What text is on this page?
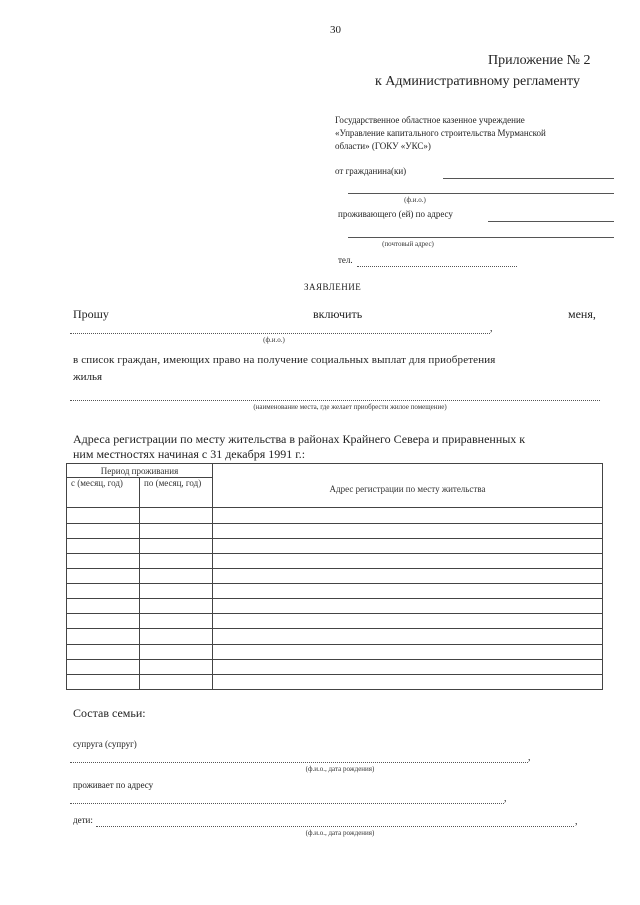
30
Приложение № 2
к Административному регламенту
Государственное областное казенное учреждение
«Управление капитального строительства Мурманской
области» (ГОКУ «УКС»)
от гражданина(ки)
(ф.и.о.)
проживающего (ей) по адресу
(почтовый адрес)
тел.
ЗАЯВЛЕНИЕ
Прошу	включить	меня,
,
(ф.и.о.)
в список граждан, имеющих право на получение социальных выплат для приобретения
жилья
(наименование места, где желает приобрести жилое помещение)
Адреса регистрации по месту жительства в районах Крайнего Севера и приравненных к
ним местностях начиная с 31 декабря 1991 г.:
Период проживания		Адрес регистрации по месту жительства
с (месяц, год)	по (месяц, год)	

Состав семьи:
супруга (супруг)
,
(ф.и.о., дата рождения)
проживает по адресу
,
дети:	,
(ф.и.о., дата рождения)
